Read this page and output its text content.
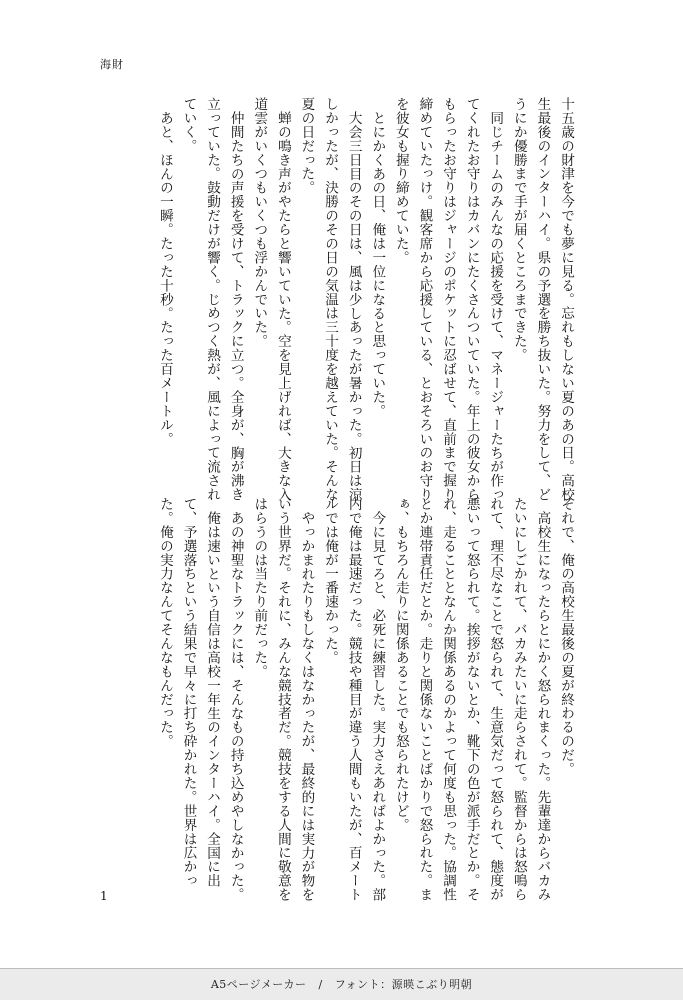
海財

十五歳の財津を今でも夢に見る。忘れもしない夏のあの日。高校生最後のインターハイ。県の予選を勝ち抜いた。努力をして、どうにか優勝まで手が届くところまできた。

同じチームのみんなの応援を受けて、マネージャーたちが作ってくれたお守りはカバンにたくさんついていた。年上の彼女からもらったお守りはジャージのポケットに忍ばせて、直前まで握り締めていたっけ。観客席から応援している、とおそろいのお守りを彼女も握り締めていた。

とにかくあの日、俺は一位になると思っていた。

大会三日目のその日は、風は少しあったが暑かった。初日は涼しかったが、決勝のその日の気温は三十度を越えていた。そんな夏の日だった。

蝉の鳴き声がやたらと響いていた。空を見上げれば、大きな入道雲がいくつもいくつも浮かんでいた。

仲間たちの声援を受けて、トラックに立つ。全身が、胸が沸き立っていた。鼓動だけが響く。じめつく熱が、風によって流されていく。

あと、ほんの一瞬。たった十秒。たった百メートル。

それで、俺の高校生最後の夏が終わるのだ。

高校生になったらとにかく怒られまくった。先輩達からバカみたいにしごかれて、バカみたいに走らされて。監督からは怒鳴られて、理不尽なことで怒られて、生意気だって怒られて、態度が悪いって怒られて。挨拶がないとか、靴下の色が派手だとか。それ、走ることとなんか関係あるのかよって何度も思った。協調性とか連帯責任だとか。走りと関係ないことばかりで怒られた。まぁ、もちろん走りに関係あることでも怒られたけど。

今に見てろと、必死に練習した。実力さえあればよかった。部内で俺は最速だった。競技や種目が違う人間もいたが、百メートルでは俺が一番速かった。

やっかまれたりもしなくはなかったが、最終的には実力が物をいう世界だ。それに、みんな競技者だ。競技をする人間に敬意をはらうのは当たり前だった。

あの神聖なトラックには、そんなもの持ち込めやしなかった。

俺は速いという自信は高校一年生のインターハイ。全国に出て、予選落ちという結果で早々に打ち砕かれた。世界は広かった。俺の実力なんてそんなもんだった。

1
A5ページメーカー / フォント：源暎こぶり明朝
